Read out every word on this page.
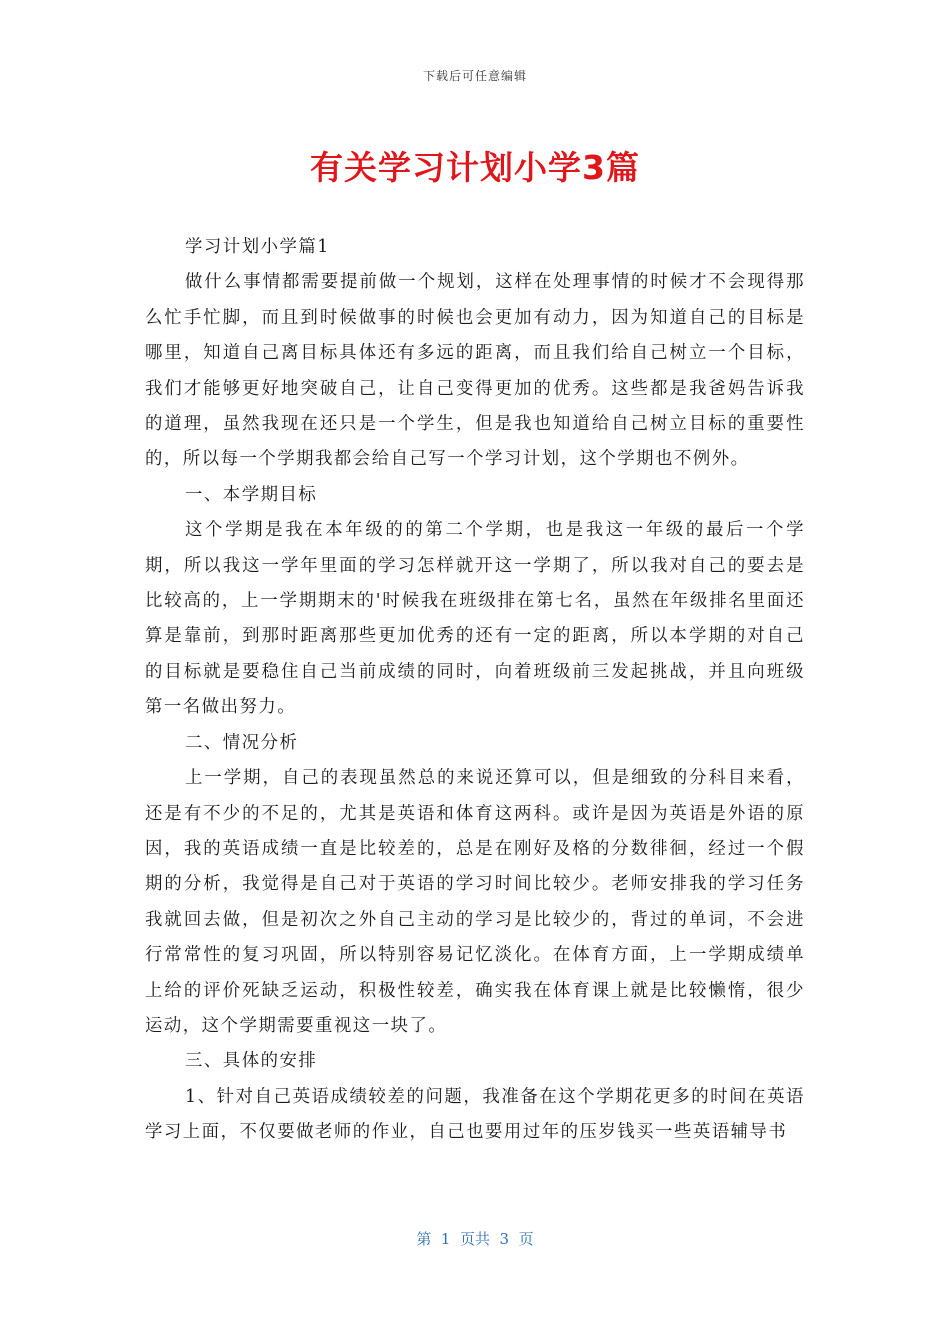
下载后可任意编辑
有关学习计划小学3篇

学习计划小学篇1

做什么事情都需要提前做一个规划，这样在处理事情的时候才不会现得那么忙手忙脚，而且到时候做事的时候也会更加有动力，因为知道自己的目标是哪里，知道自己离目标具体还有多远的距离，而且我们给自己树立一个目标，我们才能够更好地突破自己，让自己变得更加的优秀。这些都是我爸妈告诉我的道理，虽然我现在还只是一个学生，但是我也知道给自己树立目标的重要性的，所以每一个学期我都会给自己写一个学习计划，这个学期也不例外。

一、本学期目标

这个学期是我在本年级的的第二个学期，也是我这一年级的最后一个学期，所以我这一学年里面的学习怎样就开这一学期了，所以我对自己的要去是比较高的，上一学期期末的'时候我在班级排在第七名，虽然在年级排名里面还算是靠前，到那时距离那些更加优秀的还有一定的距离，所以本学期的对自己的目标就是要稳住自己当前成绩的同时，向着班级前三发起挑战，并且向班级第一名做出努力。

二、情况分析

上一学期，自己的表现虽然总的来说还算可以，但是细致的分科目来看，还是有不少的不足的，尤其是英语和体育这两科。或许是因为英语是外语的原因，我的英语成绩一直是比较差的，总是在刚好及格的分数徘徊，经过一个假期的分析，我觉得是自己对于英语的学习时间比较少。老师安排我的学习任务我就回去做，但是初次之外自己主动的学习是比较少的，背过的单词，不会进行常常性的复习巩固，所以特别容易记忆淡化。在体育方面，上一学期成绩单上给的评价死缺乏运动，积极性较差，确实我在体育课上就是比较懒惰，很少运动，这个学期需要重视这一块了。

三、具体的安排

1、针对自己英语成绩较差的问题，我准备在这个学期花更多的时间在英语学习上面，不仅要做老师的作业，自己也要用过年的压岁钱买一些英语辅导书

第  1  页共  3  页
